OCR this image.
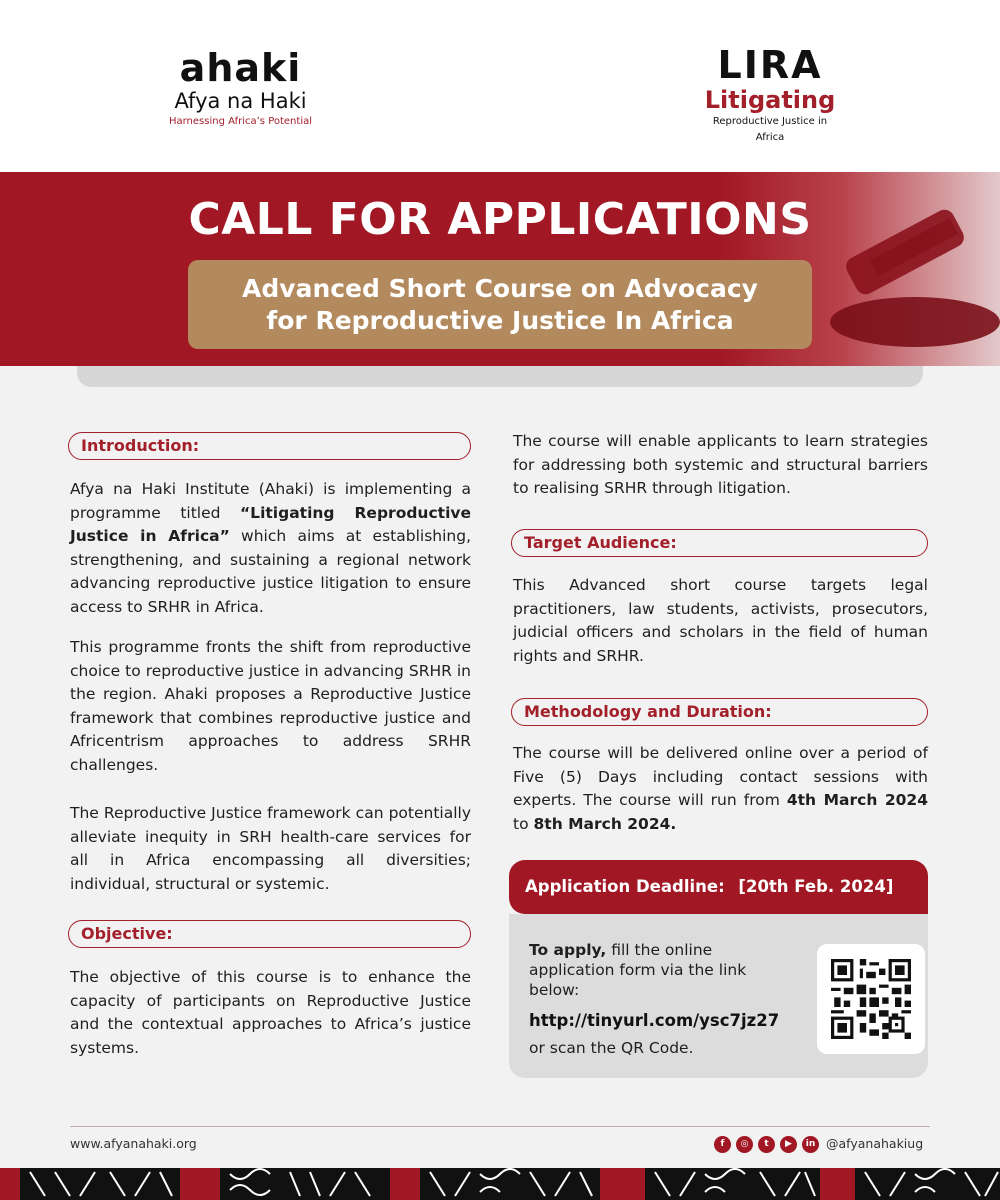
ahaki
Afya na Haki
Harnessing Africa’s Potential
LIRA
Litigating
Reproductive Justice in Africa
CALL FOR APPLICATIONS
Advanced Short Course on Advocacy
for Reproductive Justice In Africa
Introduction:
Afya na Haki Institute (Ahaki) is implementing a programme titled “Litigating Reproductive Justice in Africa” which aims at establishing, strengthening, and sustaining a regional network advancing reproductive justice litigation to ensure access to SRHR in Africa.
This programme fronts the shift from reproductive choice to reproductive justice in advancing SRHR in the region. Ahaki proposes a Reproductive Justice framework that combines reproductive justice and Africentrism approaches to address SRHR challenges.
The Reproductive Justice framework can potentially alleviate inequity in SRH health-care services for all in Africa encompassing all diversities; individual, structural or systemic.
Objective:
The objective of this course is to enhance the capacity of participants on Reproductive Justice and the contextual approaches to Africa’s justice systems.
The course will enable applicants to learn strategies for addressing both systemic and structural barriers to realising SRHR through litigation.
Target Audience:
This Advanced short course targets legal practitioners, law students, activists, prosecutors, judicial officers and scholars in the field of human rights and SRHR.
Methodology and Duration:
The course will be delivered online over a period of Five (5) Days including contact sessions with experts. The course will run from 4th March 2024 to 8th March 2024.
Application Deadline: [20th Feb. 2024]
To apply, fill the online application form via the link below:
http://tinyurl.com/ysc7jz27
or scan the QR Code.
www.afyanahaki.org	f	◎	t	▶	in @afyanahakiug
